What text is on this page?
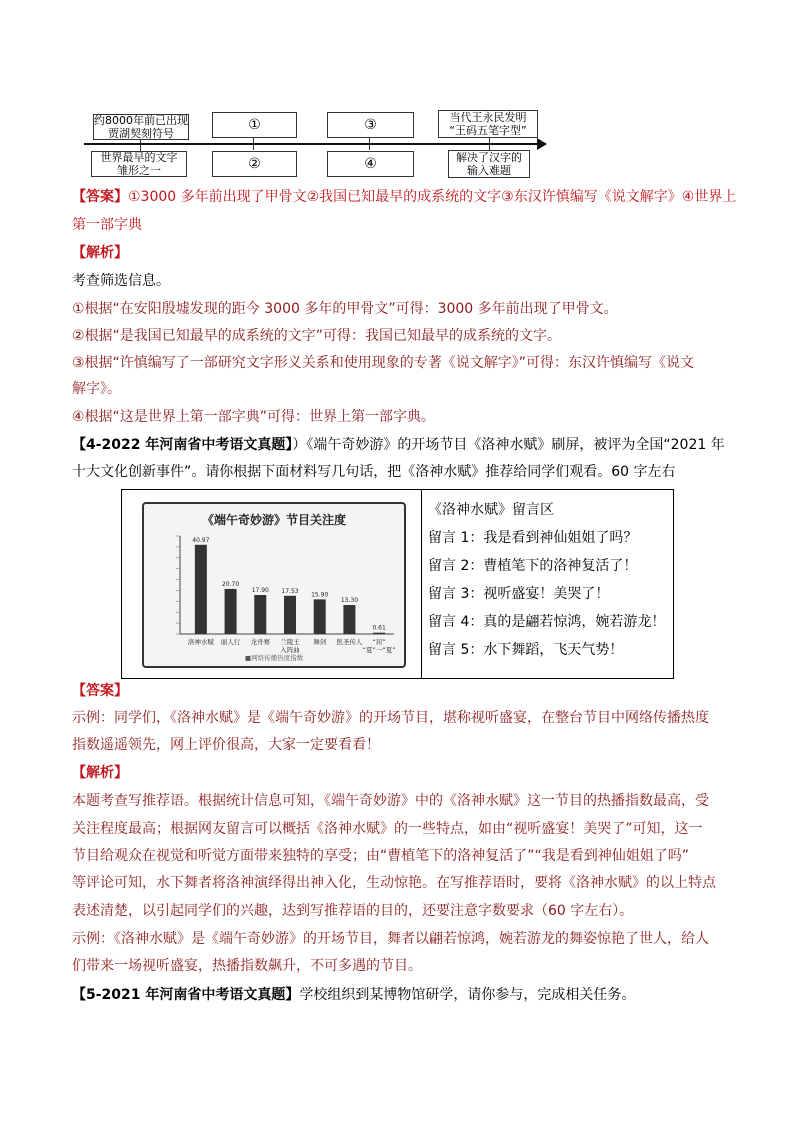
约8000年前已出现
贾湖契刻符号
①	③	当代王永民发明
“王码五笔字型”
世界最早的文字
雏形之一	②	④	解决了汉字的
输入难题
【答案】①3000 多年前出现了甲骨文②我国已知最早的成系统的文字③东汉许慎编写《说文解字》④世界上
第一部字典
【解析】
考查筛选信息。
①根据“在安阳殷墟发现的距今 3000 多年的甲骨文”可得：3000 多年前出现了甲骨文。
②根据“是我国已知最早的成系统的文字”可得：我国已知最早的成系统的文字。
③根据“许慎编写了一部研究文字形义关系和使用现象的专著《说文解字》”可得：东汉许慎编写《说文
解字》。
④根据“这是世界上第一部字典”可得：世界上第一部字典。
【4-2022 年河南省中考语文真题】）《端午奇妙游》的开场节目《洛神水赋》刷屏，被评为全国“2021 年
十大文化创新事件”。请你根据下面材料写几句话，把《洛神水赋》推荐给同学们观看。60 字左右
《端午奇妙游》节目关注度
40.97
洛神水赋
20.70
丽人行
17.90
龙舟赛
17.53
兰陵王
入阵曲
15.90
舞剑
13.30
医圣传人
0.61
“屈”
“夏”一“夏”
■网络传播热度指数
《洛神水赋》留言区
留言 1：我是看到神仙姐姐了吗？
留言 2：曹植笔下的洛神复活了！
留言 3：视听盛宴！美哭了！
留言 4：真的是翩若惊鸿，婉若游龙！
留言 5：水下舞蹈，飞天气势！
【答案】
示例：同学们，《洛神水赋》是《端午奇妙游》的开场节目，堪称视听盛宴，在整台节目中网络传播热度
指数遥遥领先，网上评价很高，大家一定要看看！
【解析】
本题考查写推荐语。根据统计信息可知，《端午奇妙游》中的《洛神水赋》这一节目的热播指数最高，受
关注程度最高；根据网友留言可以概括《洛神水赋》的一些特点，如由“视听盛宴！美哭了”可知，这一
节目给观众在视觉和听觉方面带来独特的享受；由“曹植笔下的洛神复活了”“我是看到神仙姐姐了吗”
等评论可知，水下舞者将洛神演绎得出神入化，生动惊艳。在写推荐语时，要将《洛神水赋》的以上特点
表述清楚，以引起同学们的兴趣，达到写推荐语的目的，还要注意字数要求（60 字左右）。
示例：《洛神水赋》是《端午奇妙游》的开场节目，舞者以翩若惊鸿，婉若游龙的舞姿惊艳了世人，给人
们带来一场视听盛宴，热播指数飙升，不可多遇的节目。
【5-2021 年河南省中考语文真题】学校组织到某博物馆研学，请你参与，完成相关任务。
